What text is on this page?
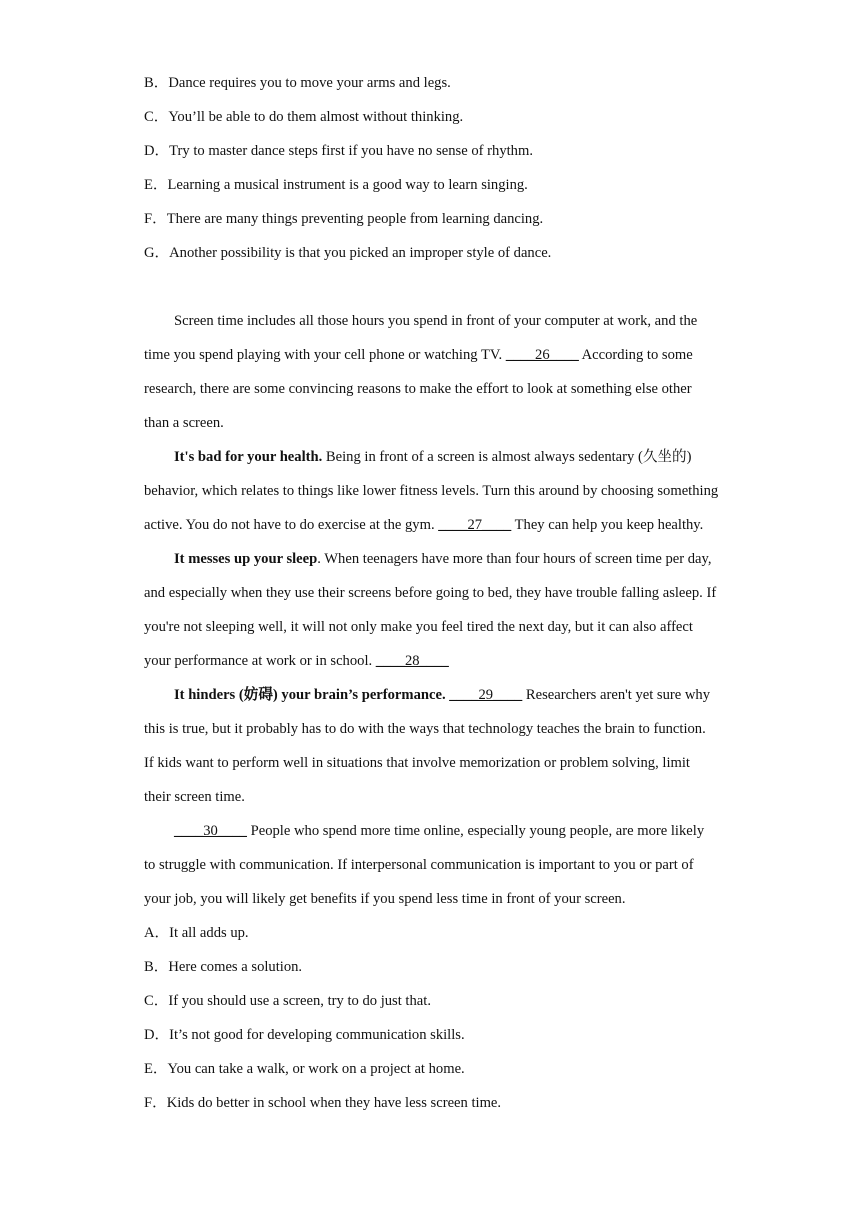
B．Dance requires you to move your arms and legs.

C．You’ll be able to do them almost without thinking.

D．Try to master dance steps first if you have no sense of rhythm.

E．Learning a musical instrument is a good way to learn singing.

F．There are many things preventing people from learning dancing.

G．Another possibility is that you picked an improper style of dance.

Screen time includes all those hours you spend in front of your computer at work, and the time you spend playing with your cell phone or watching TV. ____26____ According to some research, there are some convincing reasons to make the effort to look at something else other than a screen.

It's bad for your health. Being in front of a screen is almost always sedentary (久坐的) behavior, which relates to things like lower fitness levels. Turn this around by choosing something active. You do not have to do exercise at the gym. ____27____ They can help you keep healthy.

It messes up your sleep. When teenagers have more than four hours of screen time per day, and especially when they use their screens before going to bed, they have trouble falling asleep. If you're not sleeping well, it will not only make you feel tired the next day, but it can also affect your performance at work or in school. ____28____

It hinders (妨碍) your brain’s performance. ____29____ Researchers aren't yet sure why this is true, but it probably has to do with the ways that technology teaches the brain to function. If kids want to perform well in situations that involve memorization or problem solving, limit their screen time.

____30____ People who spend more time online, especially young people, are more likely to struggle with communication. If interpersonal communication is important to you or part of your job, you will likely get benefits if you spend less time in front of your screen.

A．It all adds up.

B．Here comes a solution.

C．If you should use a screen, try to do just that.

D．It’s not good for developing communication skills.

E．You can take a walk, or work on a project at home.

F．Kids do better in school when they have less screen time.
